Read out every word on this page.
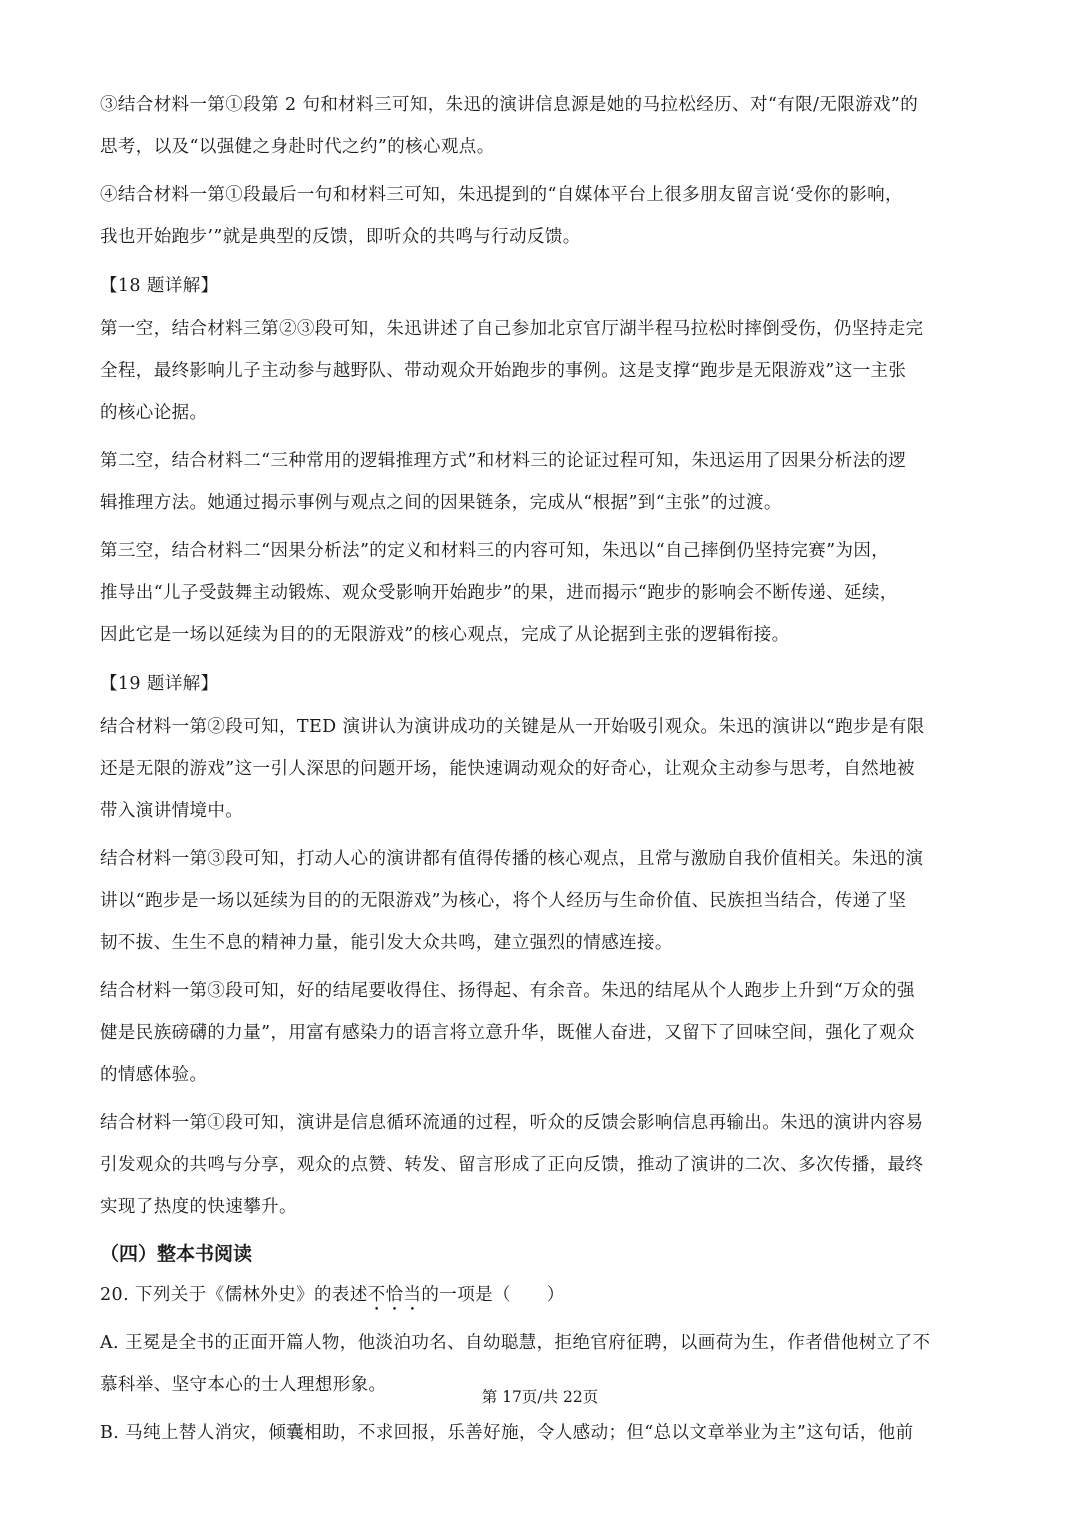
③结合材料一第①段第 2 句和材料三可知，朱迅的演讲信息源是她的马拉松经历、对“有限/无限游戏”的
思考，以及“以强健之身赴时代之约”的核心观点。
④结合材料一第①段最后一句和材料三可知，朱迅提到的“自媒体平台上很多朋友留言说‘受你的影响，
我也开始跑步’”就是典型的反馈，即听众的共鸣与行动反馈。
【18 题详解】
第一空，结合材料三第②③段可知，朱迅讲述了自己参加北京官厅湖半程马拉松时摔倒受伤，仍坚持走完
全程，最终影响儿子主动参与越野队、带动观众开始跑步的事例。这是支撑“跑步是无限游戏”这一主张
的核心论据。
第二空，结合材料二“三种常用的逻辑推理方式”和材料三的论证过程可知，朱迅运用了因果分析法的逻
辑推理方法。她通过揭示事例与观点之间的因果链条，完成从“根据”到“主张”的过渡。
第三空，结合材料二“因果分析法”的定义和材料三的内容可知，朱迅以“自己摔倒仍坚持完赛”为因，
推导出“儿子受鼓舞主动锻炼、观众受影响开始跑步”的果，进而揭示“跑步的影响会不断传递、延续，
因此它是一场以延续为目的的无限游戏”的核心观点，完成了从论据到主张的逻辑衔接。
【19 题详解】
结合材料一第②段可知，TED 演讲认为演讲成功的关键是从一开始吸引观众。朱迅的演讲以“跑步是有限
还是无限的游戏”这一引人深思的问题开场，能快速调动观众的好奇心，让观众主动参与思考，自然地被
带入演讲情境中。
结合材料一第③段可知，打动人心的演讲都有值得传播的核心观点，且常与激励自我价值相关。朱迅的演
讲以“跑步是一场以延续为目的的无限游戏”为核心，将个人经历与生命价值、民族担当结合，传递了坚
韧不拔、生生不息的精神力量，能引发大众共鸣，建立强烈的情感连接。
结合材料一第③段可知，好的结尾要收得住、扬得起、有余音。朱迅的结尾从个人跑步上升到“万众的强
健是民族磅礴的力量”，用富有感染力的语言将立意升华，既催人奋进，又留下了回味空间，强化了观众
的情感体验。
结合材料一第①段可知，演讲是信息循环流通的过程，听众的反馈会影响信息再输出。朱迅的演讲内容易
引发观众的共鸣与分享，观众的点赞、转发、留言形成了正向反馈，推动了演讲的二次、多次传播，最终
实现了热度的快速攀升。
（四）整本书阅读
20. 下列关于《儒林外史》的表述不恰当的一项是（　　）
A. 王冕是全书的正面开篇人物，他淡泊功名、自幼聪慧，拒绝官府征聘，以画荷为生，作者借他树立了不
慕科举、坚守本心的士人理想形象。
B. 马纯上替人消灾，倾囊相助，不求回报，乐善好施，令人感动；但“总以文章举业为主”这句话，他前
第 17页/共 22页
